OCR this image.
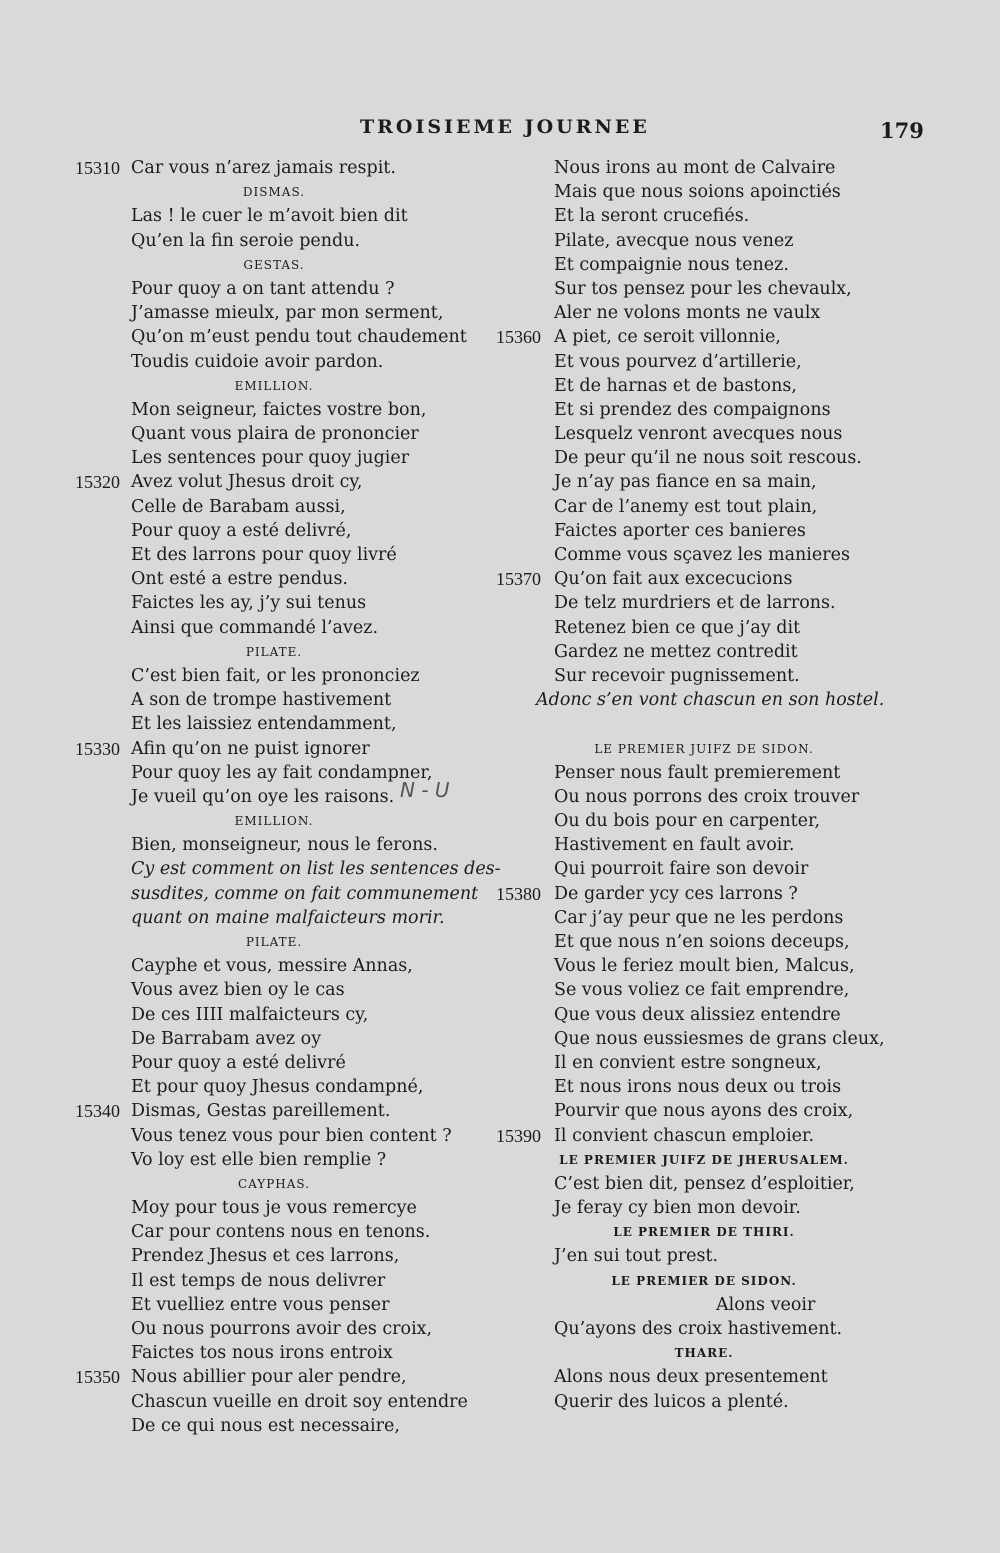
TROISIEME JOURNEE	179
15310 Car vous n’arez jamais respit.
DISMAS.
Las ! le cuer le m’avoit bien dit
Qu’en la fin seroie pendu.
GESTAS.
Pour quoy a on tant attendu ?
J’amasse mieulx, par mon serment,
Qu’on m’eust pendu tout chaudement
Toudis cuidoie avoir pardon.
EMILLION.
Mon seigneur, faictes vostre bon,
Quant vous plaira de prononcier
Les sentences pour quoy jugier
15320 Avez volut Jhesus droit cy,
Celle de Barabam aussi,
Pour quoy a esté delivré,
Et des larrons pour quoy livré
Ont esté a estre pendus.
Faictes les ay, j’y sui tenus
Ainsi que commandé l’avez.
PILATE.
C’est bien fait, or les prononciez
A son de trompe hastivement
Et les laissiez entendamment,
15330 Afin qu’on ne puist ignorer
Pour quoy les ay fait condampner,
Je vueil qu’on oye les raisons.
EMILLION.
Bien, monseigneur, nous le ferons.
Cy est comment on list les sentences des-
susdites, comme on fait communement
quant on maine malfaicteurs morir.
PILATE.
Cayphe et vous, messire Annas,
Vous avez bien oy le cas
De ces IIII malfaicteurs cy,
De Barrabam avez oy
Pour quoy a esté delivré
Et pour quoy Jhesus condampné,
15340 Dismas, Gestas pareillement.
Vous tenez vous pour bien content ?
Vo loy est elle bien remplie ?
CAYPHAS.
Moy pour tous je vous remercye
Car pour contens nous en tenons.
Prendez Jhesus et ces larrons,
Il est temps de nous delivrer
Et vuelliez entre vous penser
Ou nous pourrons avoir des croix,
Faictes tos nous irons entroix
15350 Nous abillier pour aler pendre,
Chascun vueille en droit soy entendre
De ce qui nous est necessaire,
Nous irons au mont de Calvaire
Mais que nous soions apoinctiés
Et la seront crucefiés.
Pilate, avecque nous venez
Et compaignie nous tenez.
Sur tos pensez pour les chevaulx,
Aler ne volons monts ne vaulx
15360 A piet, ce seroit villonnie,
Et vous pourvez d’artillerie,
Et de harnas et de bastons,
Et si prendez des compaignons
Lesquelz venront avecques nous
De peur qu’il ne nous soit rescous.
Je n’ay pas fiance en sa main,
Car de l’anemy est tout plain,
Faictes aporter ces banieres
Comme vous sçavez les manieres
15370 Qu’on fait aux excecucions
De telz murdriers et de larrons.
Retenez bien ce que j’ay dit
Gardez ne mettez contredit
Sur recevoir pugnissement.
Adonc s’en vont chascun en son hostel.
LE PREMIER JUIFZ DE SIDON.
Penser nous fault premierement
Ou nous porrons des croix trouver
Ou du bois pour en carpenter,
Hastivement en fault avoir.
Qui pourroit faire son devoir
15380 De garder ycy ces larrons ?
Car j’ay peur que ne les perdons
Et que nous n’en soions deceups,
Vous le feriez moult bien, Malcus,
Se vous voliez ce fait emprendre,
Que vous deux alissiez entendre
Que nous eussiesmes de grans cleux,
Il en convient estre songneux,
Et nous irons nous deux ou trois
Pourvir que nous ayons des croix,
15390 Il convient chascun emploier.
LE PREMIER JUIFZ DE JHERUSALEM.
C’est bien dit, pensez d’esploitier,
Je feray cy bien mon devoir.
LE PREMIER DE THIRI.
J’en sui tout prest.
LE PREMIER DE SIDON.
Alons veoir
Qu’ayons des croix hastivement.
THARE.
Alons nous deux presentement
Querir des luicos a plenté.
N - U
